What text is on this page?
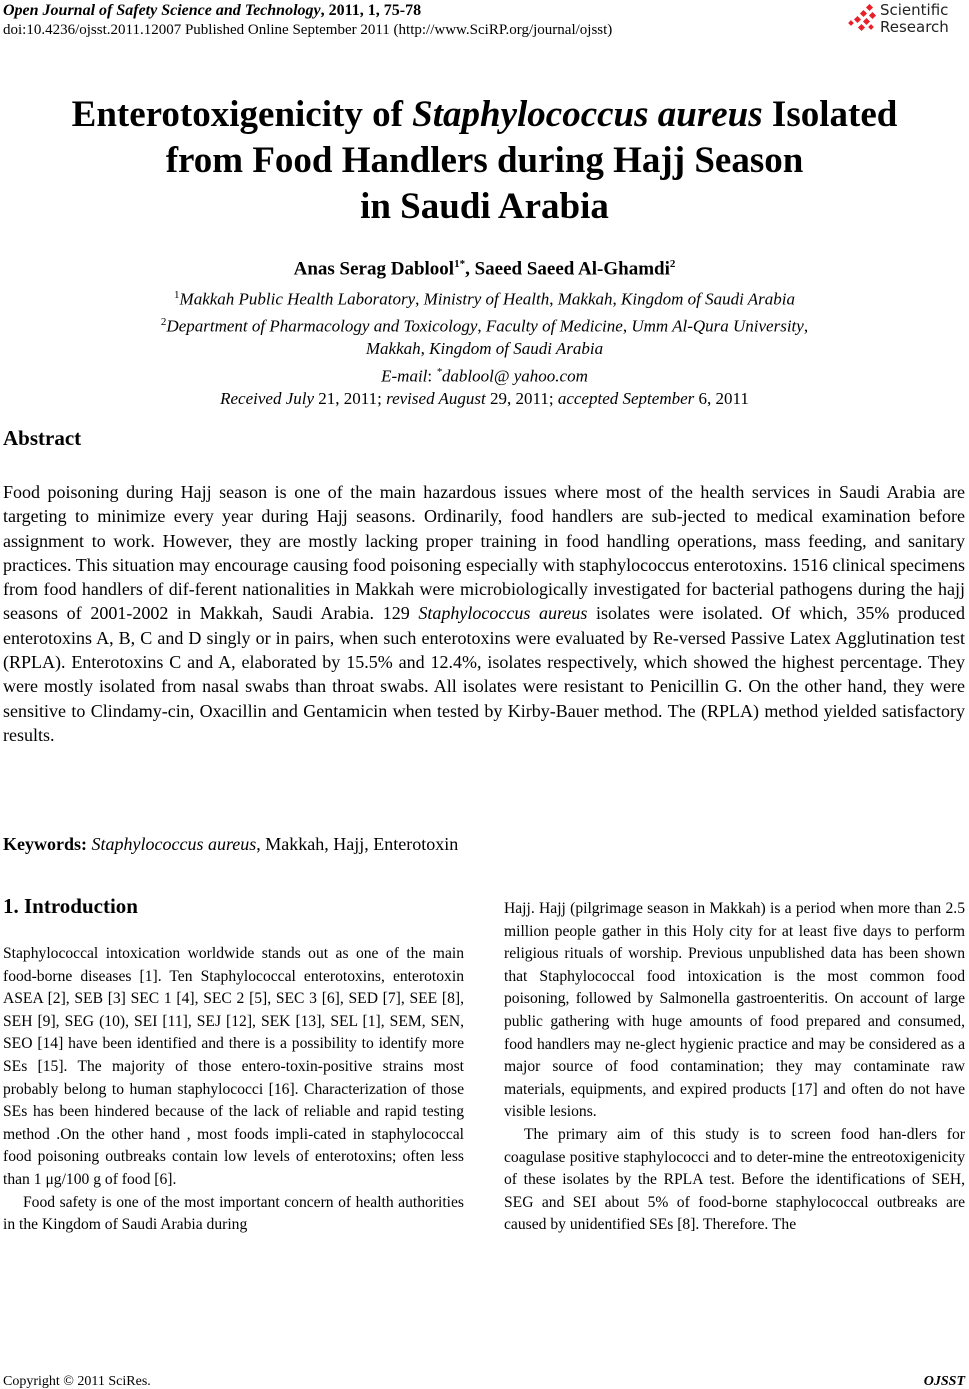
Open Journal of Safety Science and Technology, 2011, 1, 75-78
doi:10.4236/ojsst.2011.12007 Published Online September 2011 (http://www.SciRP.org/journal/ojsst)
Scientific
Research
Enterotoxigenicity of Staphylococcus aureus Isolated
from Food Handlers during Hajj Season
in Saudi Arabia
Anas Serag Dablool$^{1*}$, Saeed Saeed Al-Ghamdi$^2$
$^1$Makkah Public Health Laboratory, Ministry of Health, Makkah, Kingdom of Saudi Arabia
$^2$Department of Pharmacology and Toxicology, Faculty of Medicine, Umm Al-Qura University,
Makkah, Kingdom of Saudi Arabia
E-mail: *dablool@ yahoo.com
Received July 21, 2011; revised August 29, 2011; accepted September 6, 2011
Abstract
Food poisoning during Hajj season is one of the main hazardous issues where most of the health services in Saudi Arabia are targeting to minimize every year during Hajj seasons. Ordinarily, food handlers are sub-jected to medical examination before assignment to work. However, they are mostly lacking proper training in food handling operations, mass feeding, and sanitary practices. This situation may encourage causing food poisoning especially with staphylococcus enterotoxins. 1516 clinical specimens from food handlers of dif-ferent nationalities in Makkah were microbiologically investigated for bacterial pathogens during the hajj seasons of 2001-2002 in Makkah, Saudi Arabia. 129 Staphylococcus aureus isolates were isolated. Of which, 35% produced enterotoxins A, B, C and D singly or in pairs, when such enterotoxins were evaluated by Re-versed Passive Latex Agglutination test (RPLA). Enterotoxins C and A, elaborated by 15.5% and 12.4%, isolates respectively, which showed the highest percentage. They were mostly isolated from nasal swabs than throat swabs. All isolates were resistant to Penicillin G. On the other hand, they were sensitive to Clindamy-cin, Oxacillin and Gentamicin when tested by Kirby-Bauer method. The (RPLA) method yielded satisfactory results.
Keywords: Staphylococcus aureus, Makkah, Hajj, Enterotoxin
1. Introduction

Staphylococcal intoxication worldwide stands out as one of the main food-borne diseases [1]. Ten Staphylococcal enterotoxins, enterotoxin ASEA [2], SEB [3] SEC 1 [4], SEC 2 [5], SEC 3 [6], SED [7], SEE [8], SEH [9], SEG (10), SEI [11], SEJ [12], SEK [13], SEL [1], SEM, SEN, SEO [14] have been identified and there is a possibility to identify more SEs [15]. The majority of those entero-toxin-positive strains most probably belong to human staphylococci [16]. Characterization of those SEs has been hindered because of the lack of reliable and rapid testing method .On the other hand , most foods impli-cated in staphylococcal food poisoning outbreaks contain low levels of enterotoxins; often less than 1 μg/100 g of food [6].

Food safety is one of the most important concern of health authorities in the Kingdom of Saudi Arabia during

Hajj. Hajj (pilgrimage season in Makkah) is a period when more than 2.5 million people gather in this Holy city for at least five days to perform religious rituals of worship. Previous unpublished data has been shown that Staphylococcal food intoxication is the most common food poisoning, followed by Salmonella gastroenteritis. On account of large public gathering with huge amounts of food prepared and consumed, food handlers may ne-glect hygienic practice and may be considered as a major source of food contamination; they may contaminate raw materials, equipments, and expired products [17] and often do not have visible lesions.

The primary aim of this study is to screen food han-dlers for coagulase positive staphylococci and to deter-mine the entreotoxigenicity of these isolates by the RPLA test. Before the identifications of SEH, SEG and SEI about 5% of food-borne staphylococcal outbreaks are caused by unidentified SEs [8]. Therefore. The

Copyright © 2011 SciRes.	OJSST
